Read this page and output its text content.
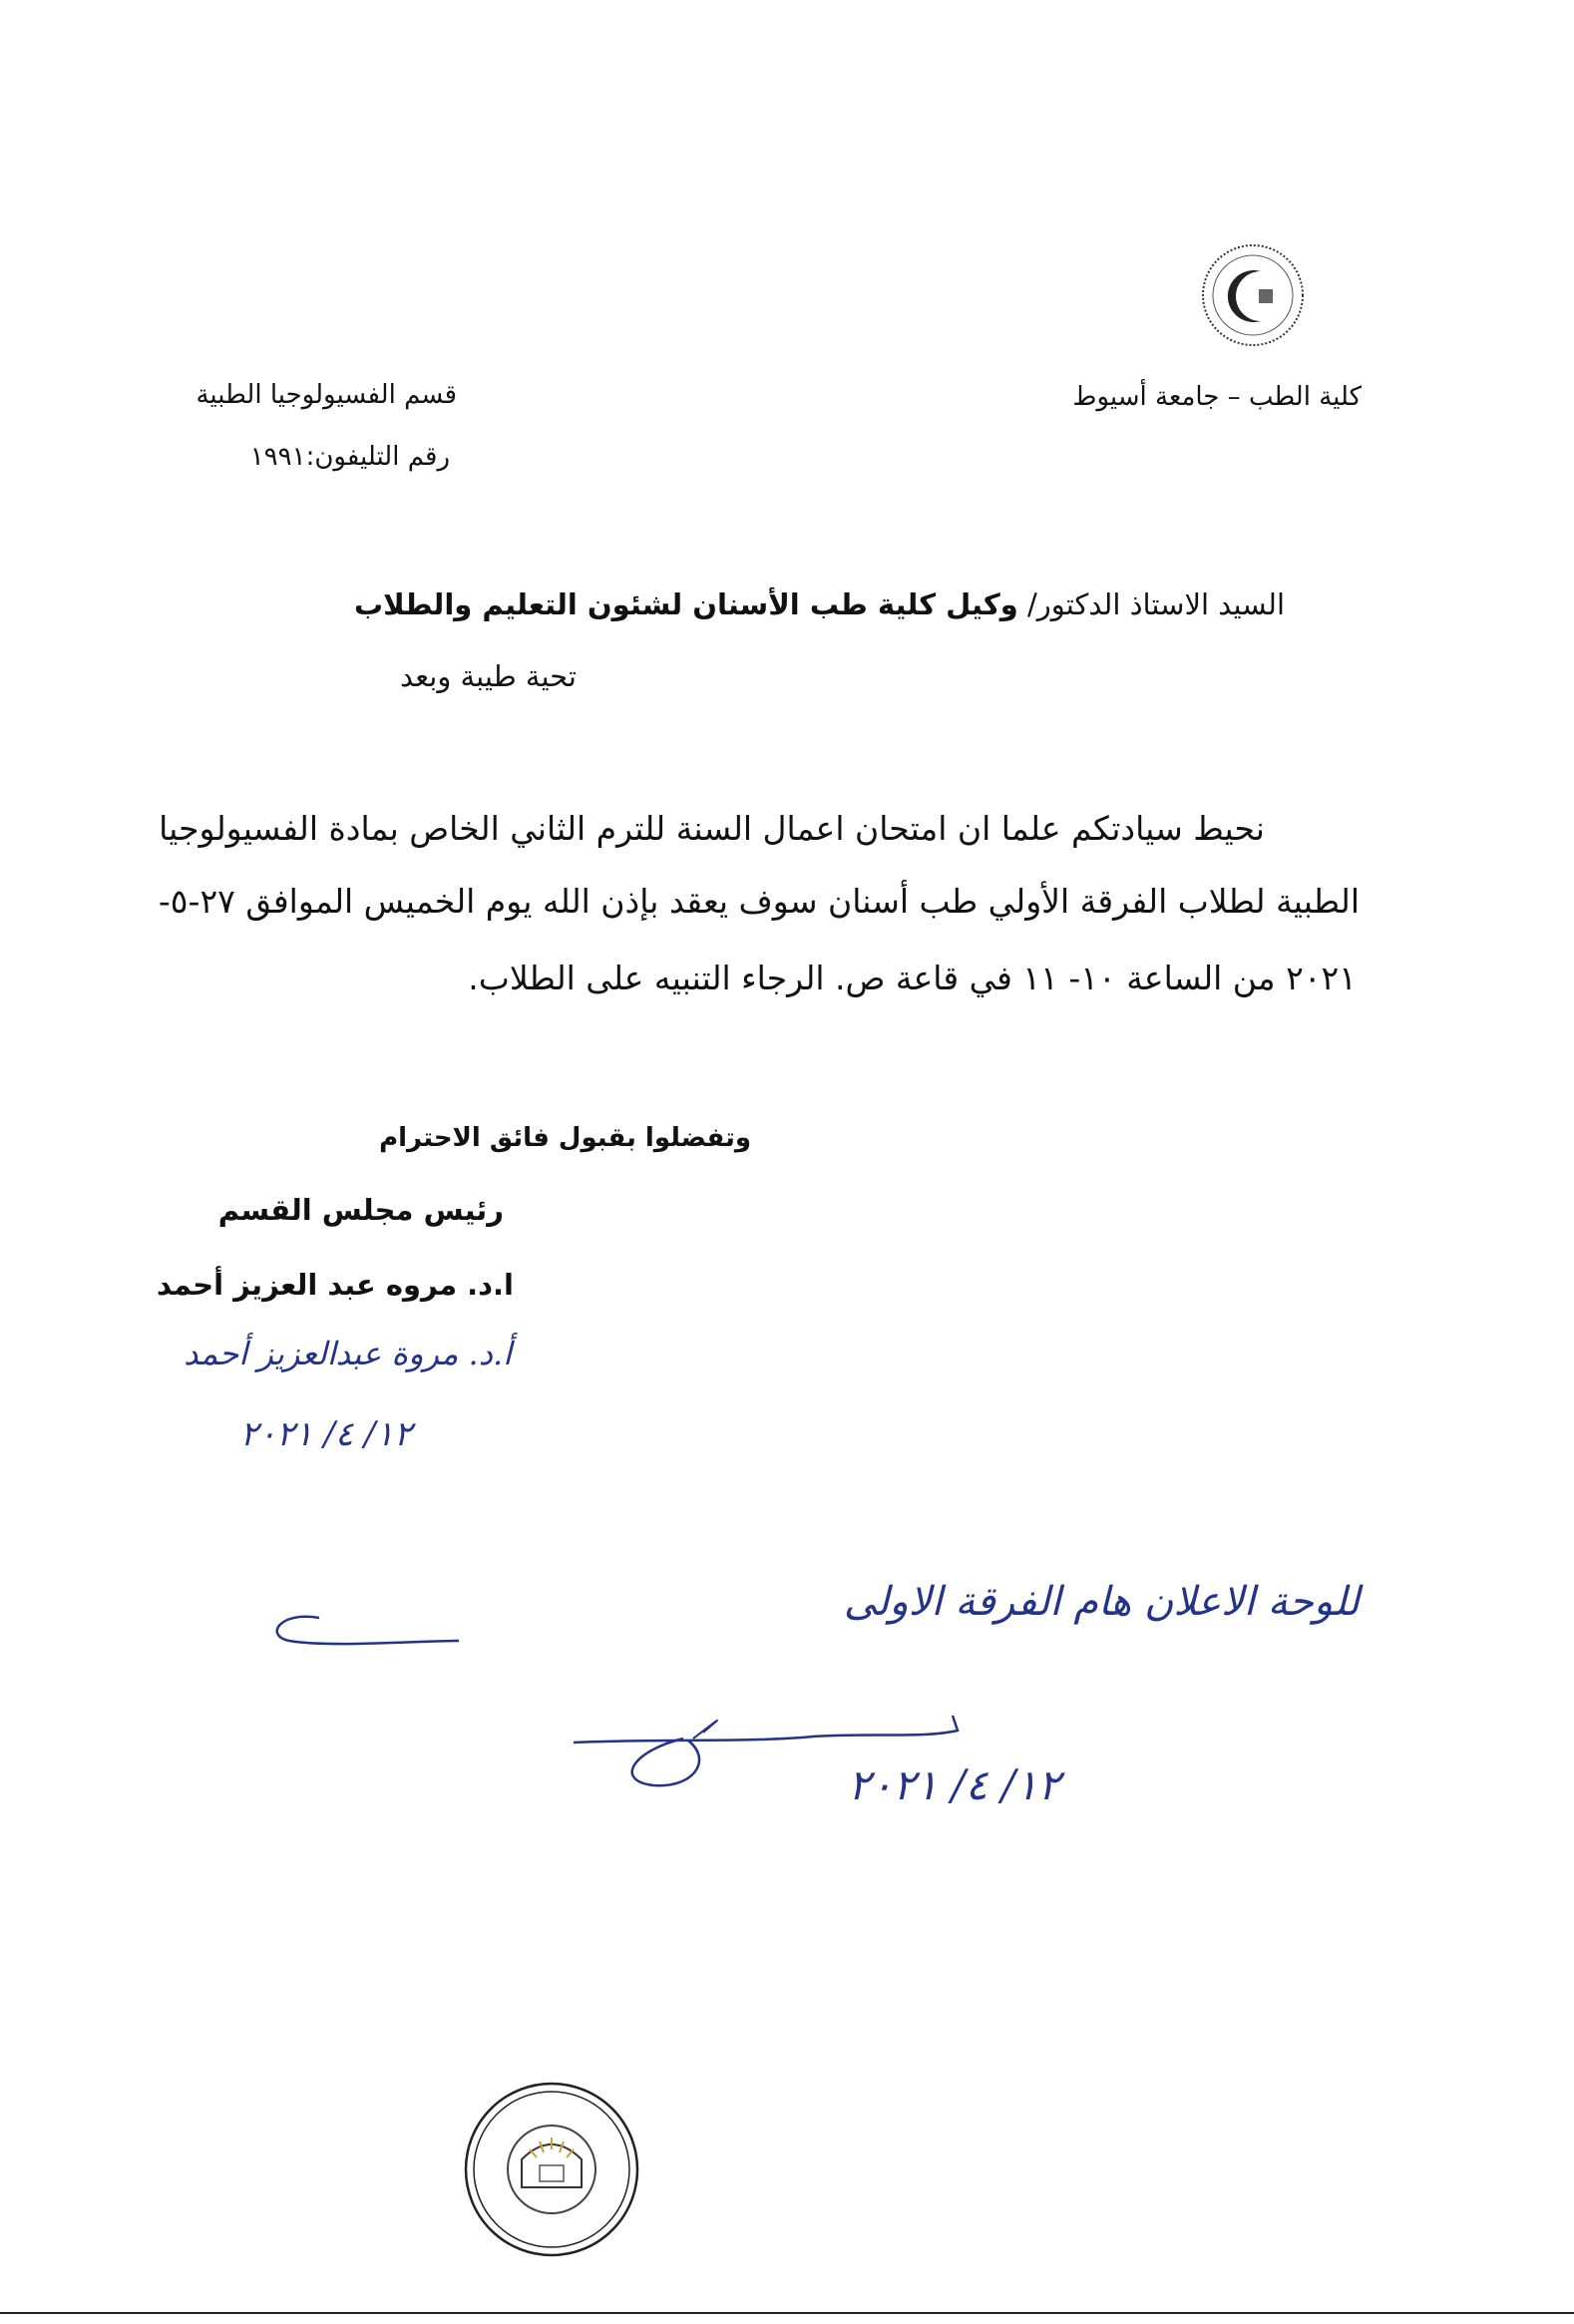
كلية الطب – جامعة أسيوط
قسم الفسيولوجيا الطبية
رقم التليفون:١٩٩١
السيد الاستاذ الدكتور/ وكيل كلية طب الأسنان لشئون التعليم والطلاب
تحية طيبة وبعد
نحيط سيادتكم علما ان امتحان اعمال السنة للترم الثاني الخاص بمادة الفسيولوجيا
الطبية لطلاب الفرقة الأولي طب أسنان سوف يعقد بإذن الله يوم الخميس الموافق ٢٧-٥-
٢٠٢١ من الساعة ١٠- ١١ في قاعة ص. الرجاء التنبيه على الطلاب.
وتفضلوا بقبول فائق الاحترام
رئيس مجلس القسم
ا.د. مروه عبد العزيز أحمد
أ.د. مروة عبدالعزيز أحمد
١٢/ ٤/ ٢٠٢١
للوحة الاعلان هام الفرقة الاولى
١٢/ ٤/ ٢٠٢١
